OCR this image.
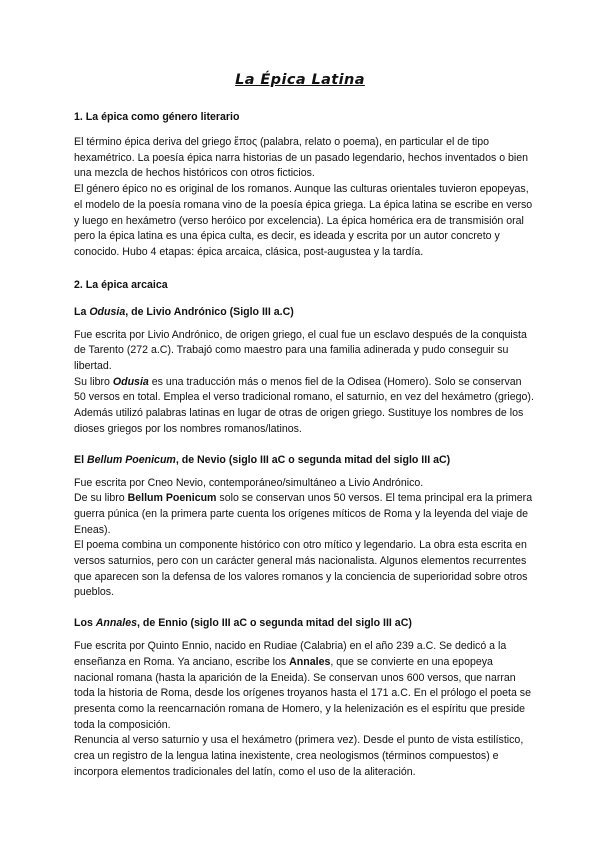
La Épica Latina
1. La épica como género literario
El término épica deriva del griego ἔπος (palabra, relato o poema), en particular el de tipo hexamétrico. La poesía épica narra historias de un pasado legendario, hechos inventados o bien una mezcla de hechos históricos con otros ficticios.
El género épico no es original de los romanos. Aunque las culturas orientales tuvieron epopeyas, el modelo de la poesía romana vino de la poesía épica griega. La épica latina se escribe en verso y luego en hexámetro (verso heróico por excelencia). La épica homérica era de transmisión oral pero la épica latina es una épica culta, es decir, es ideada y escrita por un autor concreto y conocido. Hubo 4 etapas: épica arcaica, clásica, post-augustea y la tardía.
2. La épica arcaica
La Odusia, de Livio Andrónico (Siglo III a.C)
Fue escrita por Livio Andrónico, de origen griego, el cual fue un esclavo después de la conquista de Tarento (272 a.C). Trabajó como maestro para una familia adinerada y pudo conseguir su libertad.
Su libro Odusia es una traducción más o menos fiel de la Odisea (Homero). Solo se conservan 50 versos en total. Emplea el verso tradicional romano, el saturnio, en vez del hexámetro (griego). Además utilizó palabras latinas en lugar de otras de origen griego. Sustituye los nombres de los dioses griegos por los nombres romanos/latinos.
El Bellum Poenicum, de Nevio (siglo III aC o segunda mitad del siglo III aC)
Fue escrita por Cneo Nevio, contemporáneo/simultáneo a Livio Andrónico.
De su libro Bellum Poenicum solo se conservan unos 50 versos. El tema principal era la primera guerra púnica (en la primera parte cuenta los orígenes míticos de Roma y la leyenda del viaje de Eneas).
El poema combina un componente histórico con otro mítico y legendario. La obra esta escrita en versos saturnios, pero con un carácter general más nacionalista. Algunos elementos recurrentes que aparecen son la defensa de los valores romanos y la conciencia de superioridad sobre otros pueblos.
Los Annales, de Ennio (siglo III aC o segunda mitad del siglo III aC)
Fue escrita por Quinto Ennio, nacido en Rudiae (Calabria) en el año 239 a.C. Se dedicó a la enseñanza en Roma. Ya anciano, escribe los Annales, que se convierte en una epopeya nacional romana (hasta la aparición de la Eneida). Se conservan unos 600 versos, que narran toda la historia de Roma, desde los orígenes troyanos hasta el 171 a.C. En el prólogo el poeta se presenta como la reencarnación romana de Homero, y la helenización es el espíritu que preside toda la composición.
Renuncia al verso saturnio y usa el hexámetro (primera vez). Desde el punto de vista estilístico, crea un registro de la lengua latina inexistente, crea neologismos (términos compuestos) e incorpora elementos tradicionales del latín, como el uso de la aliteración.
